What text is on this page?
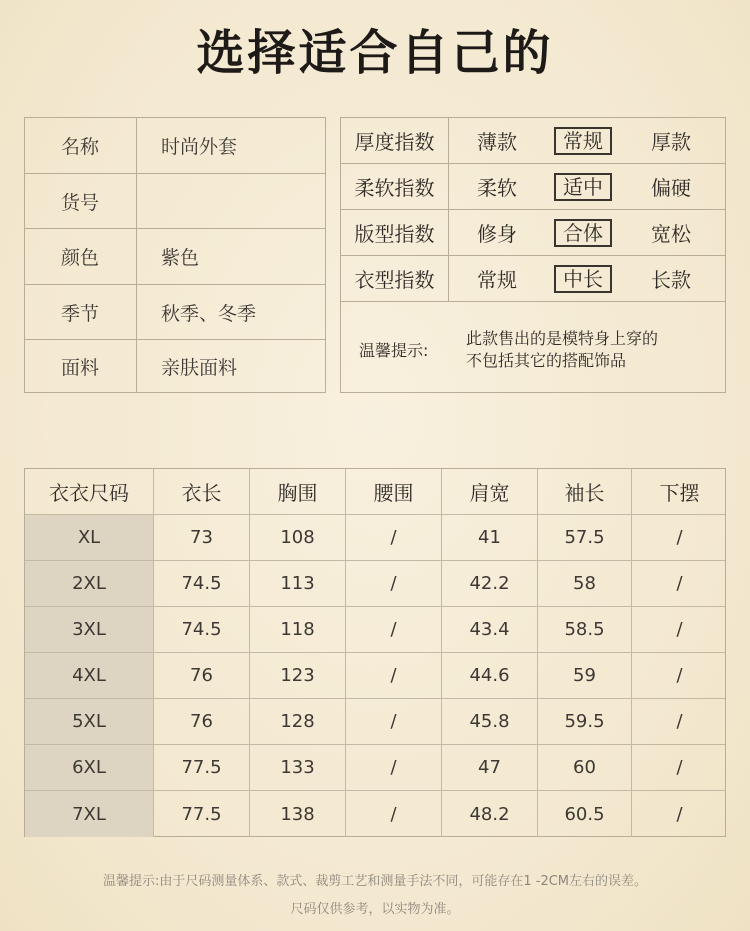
选择适合自己的
名称	时尚外套
货号
颜色	紫色
季节	秋季、冬季
面料	亲肤面料
厚度指数	薄款	常规	厚款
柔软指数	柔软	适中	偏硬
版型指数	修身	合体	宽松
衣型指数	常规	中长	长款
温馨提示:
此款售出的是模特身上穿的
不包括其它的搭配饰品
衣衣尺码	衣长	胸围	腰围	肩宽	袖长	下摆
XL	73	108	/	41	57.5	/
2XL	74.5	113	/	42.2	58	/
3XL	74.5	118	/	43.4	58.5	/
4XL	76	123	/	44.6	59	/
5XL	76	128	/	45.8	59.5	/
6XL	77.5	133	/	47	60	/
7XL	77.5	138	/	48.2	60.5	/
温馨提示:由于尺码测量体系、款式、裁剪工艺和测量手法不同，可能存在1 -2CM左右的误差。
尺码仅供参考，以实物为准。
